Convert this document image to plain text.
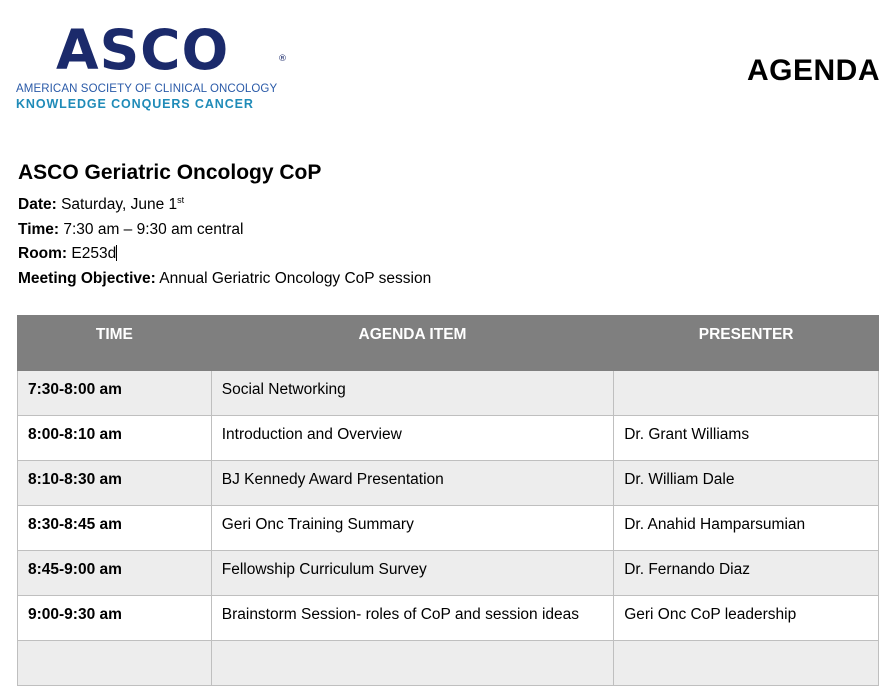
ASCO	®
AMERICAN SOCIETY OF CLINICAL ONCOLOGY
KNOWLEDGE CONQUERS CANCER
AGENDA
ASCO Geriatric Oncology CoP
Date: Saturday, June 1st
Time: 7:30 am – 9:30 am central
Room: E253d
Meeting Objective: Annual Geriatric Oncology CoP session
TIME	AGENDA ITEM	PRESENTER
7:30-8:00 am	Social Networking	
8:00-8:10 am	Introduction and Overview	Dr. Grant Williams
8:10-8:30 am	BJ Kennedy Award Presentation	Dr. William Dale
8:30-8:45 am	Geri Onc Training Summary	Dr. Anahid Hamparsumian
8:45-9:00 am	Fellowship Curriculum Survey	Dr. Fernando Diaz
9:00-9:30 am	Brainstorm Session- roles of CoP and session ideas	Geri Onc CoP leadership
